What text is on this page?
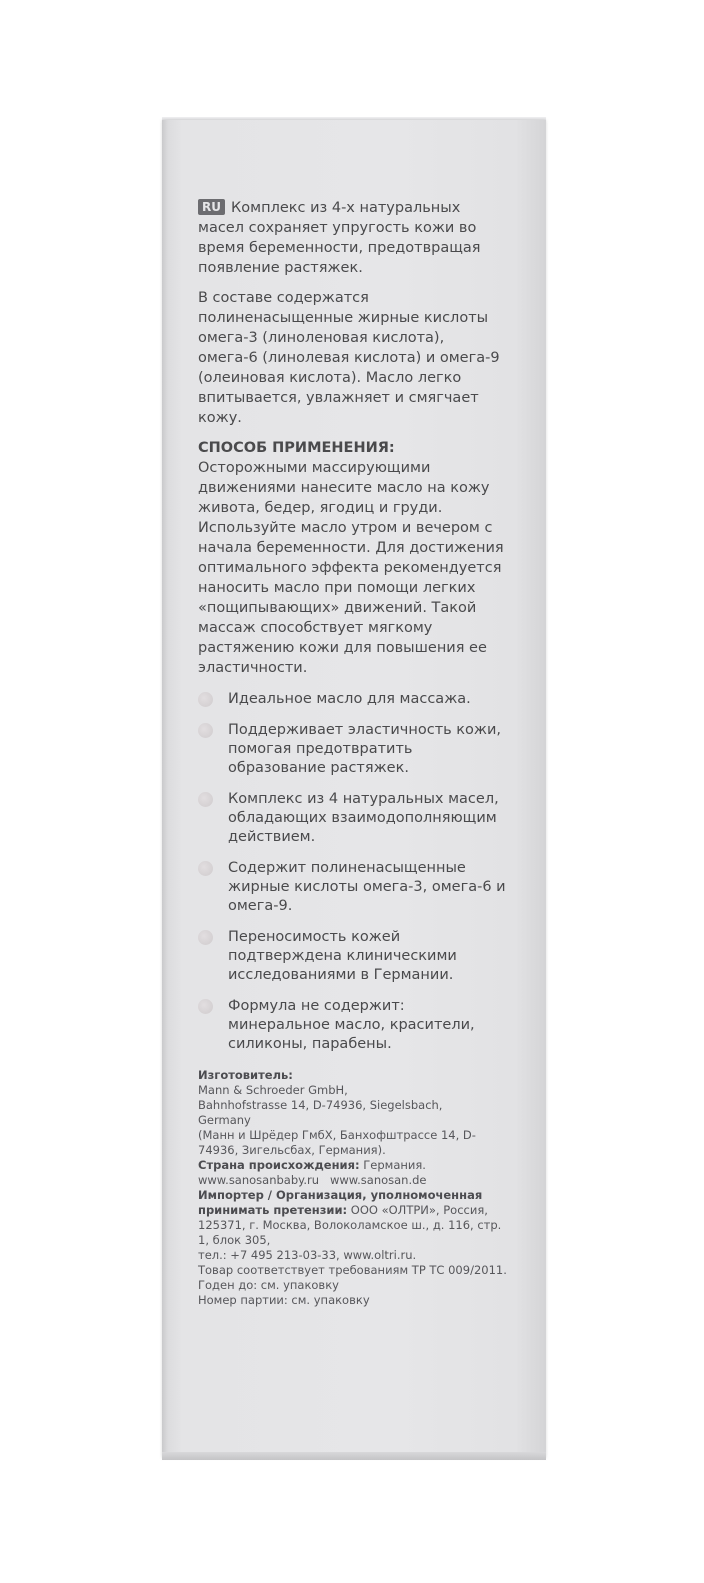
RU Комплекс из 4-х натуральных масел сохраняет упругость кожи во время беременности, предотвращая появление растяжек.

В составе содержатся полиненасыщенные жирные кислоты омега-3 (линоленовая кислота), омега-6 (линолевая кислота) и омега-9 (олеиновая кислота). Масло легко впитывается, увлажняет и смягчает кожу.

СПОСОБ ПРИМЕНЕНИЯ:

Осторожными массирующими движениями нанесите масло на кожу живота, бедер, ягодиц и груди. Используйте масло утром и вечером с начала беременности. Для достижения оптимального эффекта рекомендуется наносить масло при помощи легких «пощипывающих» движений. Такой массаж способствует мягкому растяжению кожи для повышения ее эластичности.

Идеальное масло для массажа.
Поддерживает эластичность кожи, помогая предотвратить образование растяжек.
Комплекс из 4 натуральных масел, обладающих взаимодополняющим действием.
Содержит полиненасыщенные жирные кислоты омега-3, омега-6 и омега-9.
Переносимость кожей подтверждена клиническими исследованиями в Германии.
Формула не содержит: минеральное масло, красители, силиконы, парабены.

Изготовитель:

Mann & Schroeder GmbH,

Bahnhofstrasse 14, D-74936, Siegelsbach,

Germany

(Манн и Шрёдер ГмбХ, Банхофштрассе 14, D-74936, Зигельсбах, Германия).

Страна происхождения: Германия.

www.sanosanbaby.ru   www.sanosan.de

Импортер / Организация, уполномоченная принимать претензии: ООО «ОЛТРИ», Россия, 125371, г. Москва, Волоколамское ш., д. 116, стр. 1, блок 305,

тел.: +7 495 213-03-33, www.oltri.ru.

Товар соответствует требованиям ТР ТС 009/2011.

Годен до: см. упаковку

Номер партии: см. упаковку
